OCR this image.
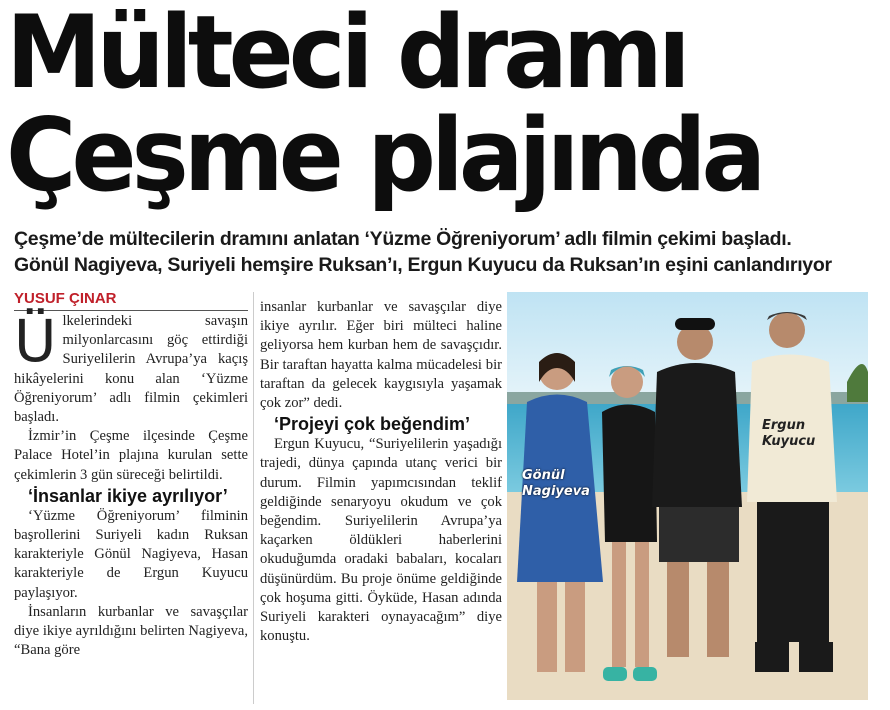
Mülteci dramı
Çeşme plajında
Çeşme’de mültecilerin dramını anlatan ‘Yüzme Öğreniyorum’ adlı filmin çekimi başladı.
Gönül Nagiyeva, Suriyeli hemşire Ruksan’ı, Ergun Kuyucu da Ruksan’ın eşini canlandırıyor
YUSUF ÇINAR

Ülkelerindeki savaşın milyonlarcasını göç ettirdiği Suriyelilerin Avrupa’ya kaçış hikâyelerini konu alan ‘Yüzme Öğreniyorum’ adlı filmin çekimleri başladı.

İzmir’in Çeşme ilçesinde Çeşme Palace Hotel’in plajına kurulan sette çekimlerin 3 gün süreceği belirtildi.

‘İnsanlar ikiye ayrılıyor’

‘Yüzme Öğreniyorum’ filminin başrollerini Suriyeli kadın Ruksan karakteriyle Gönül Nagiyeva, Hasan karakteriyle de Ergun Kuyucu paylaşıyor.

İnsanların kurbanlar ve savaşçılar diye ikiye ayrıldığını belirten Nagiyeva, “Bana göre

insanlar kurbanlar ve savaşçılar diye ikiye ayrılır. Eğer biri mülteci haline geliyorsa hem kurban hem de savaşçıdır. Bir taraftan hayatta kalma mücadelesi bir taraftan da gelecek kaygısıyla yaşamak çok zor” dedi.

‘Projeyi çok beğendim’

Ergun Kuyucu, “Suriyelilerin yaşadığı trajedi, dünya çapında utanç verici bir durum. Filmin yapımcısından teklif geldiğinde senaryoyu okudum ve çok beğendim. Suriyelilerin Avrupa’ya kaçarken öldükleri haberlerini okuduğumda oradaki babaları, kocaları düşünürdüm. Bu proje önüme geldiğinde çok hoşuma gitti. Öyküde, Hasan adında Suriyeli karakteri oynayacağım” diye konuştu.

Gönül
Nagiyeva
Ergun
Kuyucu
